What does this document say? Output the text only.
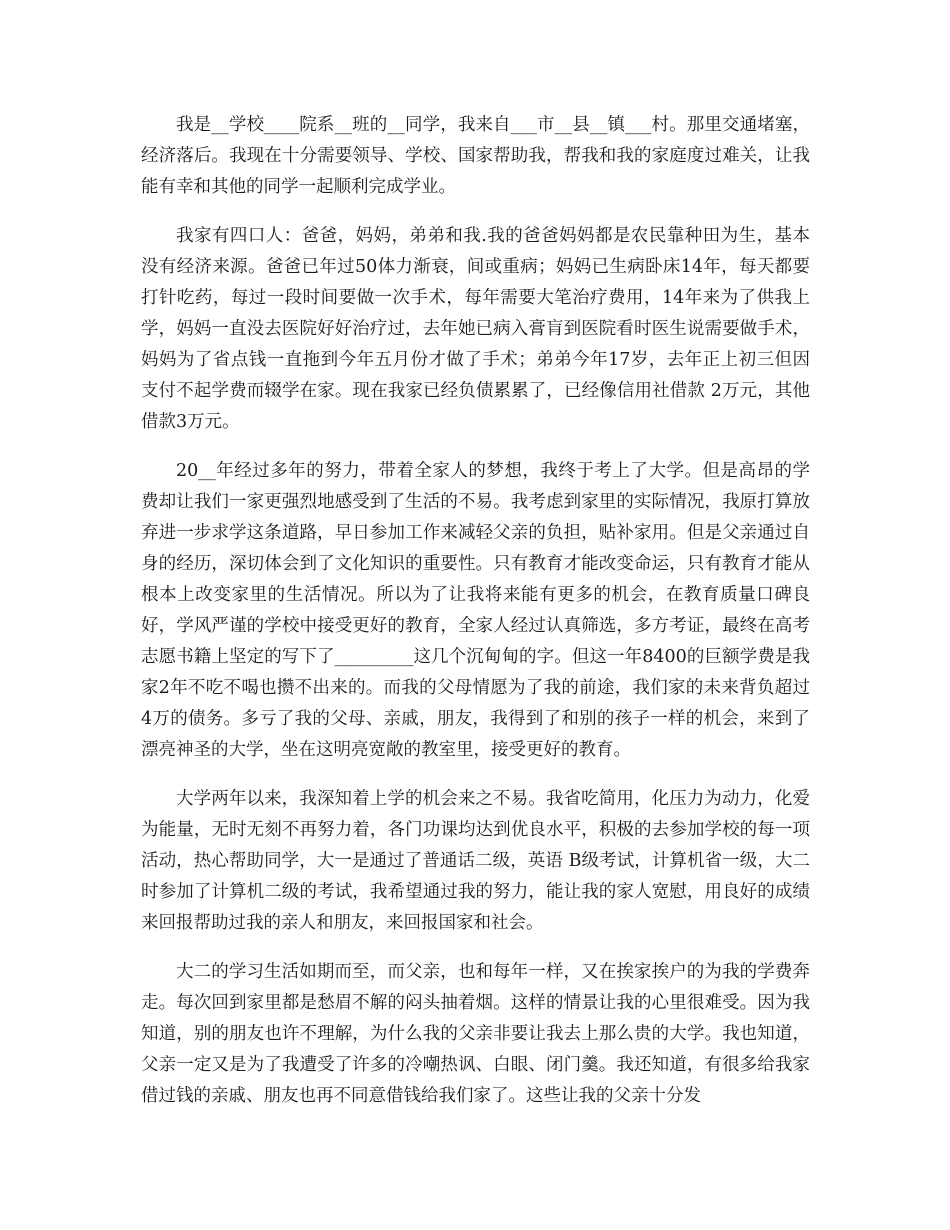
我是__学校____院系__班的__同学，我来自___市__县__镇___村。那里交通堵塞，经济落后。我现在十分需要领导、学校、国家帮助我，帮我和我的家庭度过难关，让我能有幸和其他的同学一起顺利完成学业。

我家有四口人：爸爸，妈妈，弟弟和我.我的爸爸妈妈都是农民靠种田为生，基本没有经济来源。爸爸已年过50体力渐衰，间或重病；妈妈已生病卧床14年，每天都要打针吃药，每过一段时间要做一次手术，每年需要大笔治疗费用，14年来为了供我上学，妈妈一直没去医院好好治疗过，去年她已病入膏肓到医院看时医生说需要做手术，妈妈为了省点钱一直拖到今年五月份才做了手术；弟弟今年17岁，去年正上初三但因支付不起学费而辍学在家。现在我家已经负债累累了，已经像信用社借款 2万元，其他借款3万元。

20__年经过多年的努力，带着全家人的梦想，我终于考上了大学。但是高昂的学费却让我们一家更强烈地感受到了生活的不易。我考虑到家里的实际情况，我原打算放弃进一步求学这条道路，早日参加工作来减轻父亲的负担，贴补家用。但是父亲通过自身的经历，深切体会到了文化知识的重要性。只有教育才能改变命运，只有教育才能从根本上改变家里的生活情况。所以为了让我将来能有更多的机会，在教育质量口碑良好，学风严谨的学校中接受更好的教育，全家人经过认真筛选，多方考证，最终在高考志愿书籍上坚定的写下了_________这几个沉甸甸的字。但这一年8400的巨额学费是我家2年不吃不喝也攒不出来的。而我的父母情愿为了我的前途，我们家的未来背负超过4万的债务。多亏了我的父母、亲戚，朋友，我得到了和别的孩子一样的机会，来到了漂亮神圣的大学，坐在这明亮宽敞的教室里，接受更好的教育。

大学两年以来，我深知着上学的机会来之不易。我省吃简用，化压力为动力，化爱为能量，无时无刻不再努力着，各门功课均达到优良水平，积极的去参加学校的每一项活动，热心帮助同学，大一是通过了普通话二级，英语 B级考试，计算机省一级，大二时参加了计算机二级的考试，我希望通过我的努力，能让我的家人宽慰，用良好的成绩来回报帮助过我的亲人和朋友，来回报国家和社会。

大二的学习生活如期而至，而父亲，也和每年一样，又在挨家挨户的为我的学费奔走。每次回到家里都是愁眉不解的闷头抽着烟。这样的情景让我的心里很难受。因为我知道，别的朋友也许不理解，为什么我的父亲非要让我去上那么贵的大学。我也知道，父亲一定又是为了我遭受了许多的冷嘲热讽、白眼、闭门羹。我还知道，有很多给我家借过钱的亲戚、朋友也再不同意借钱给我们家了。这些让我的父亲十分发
